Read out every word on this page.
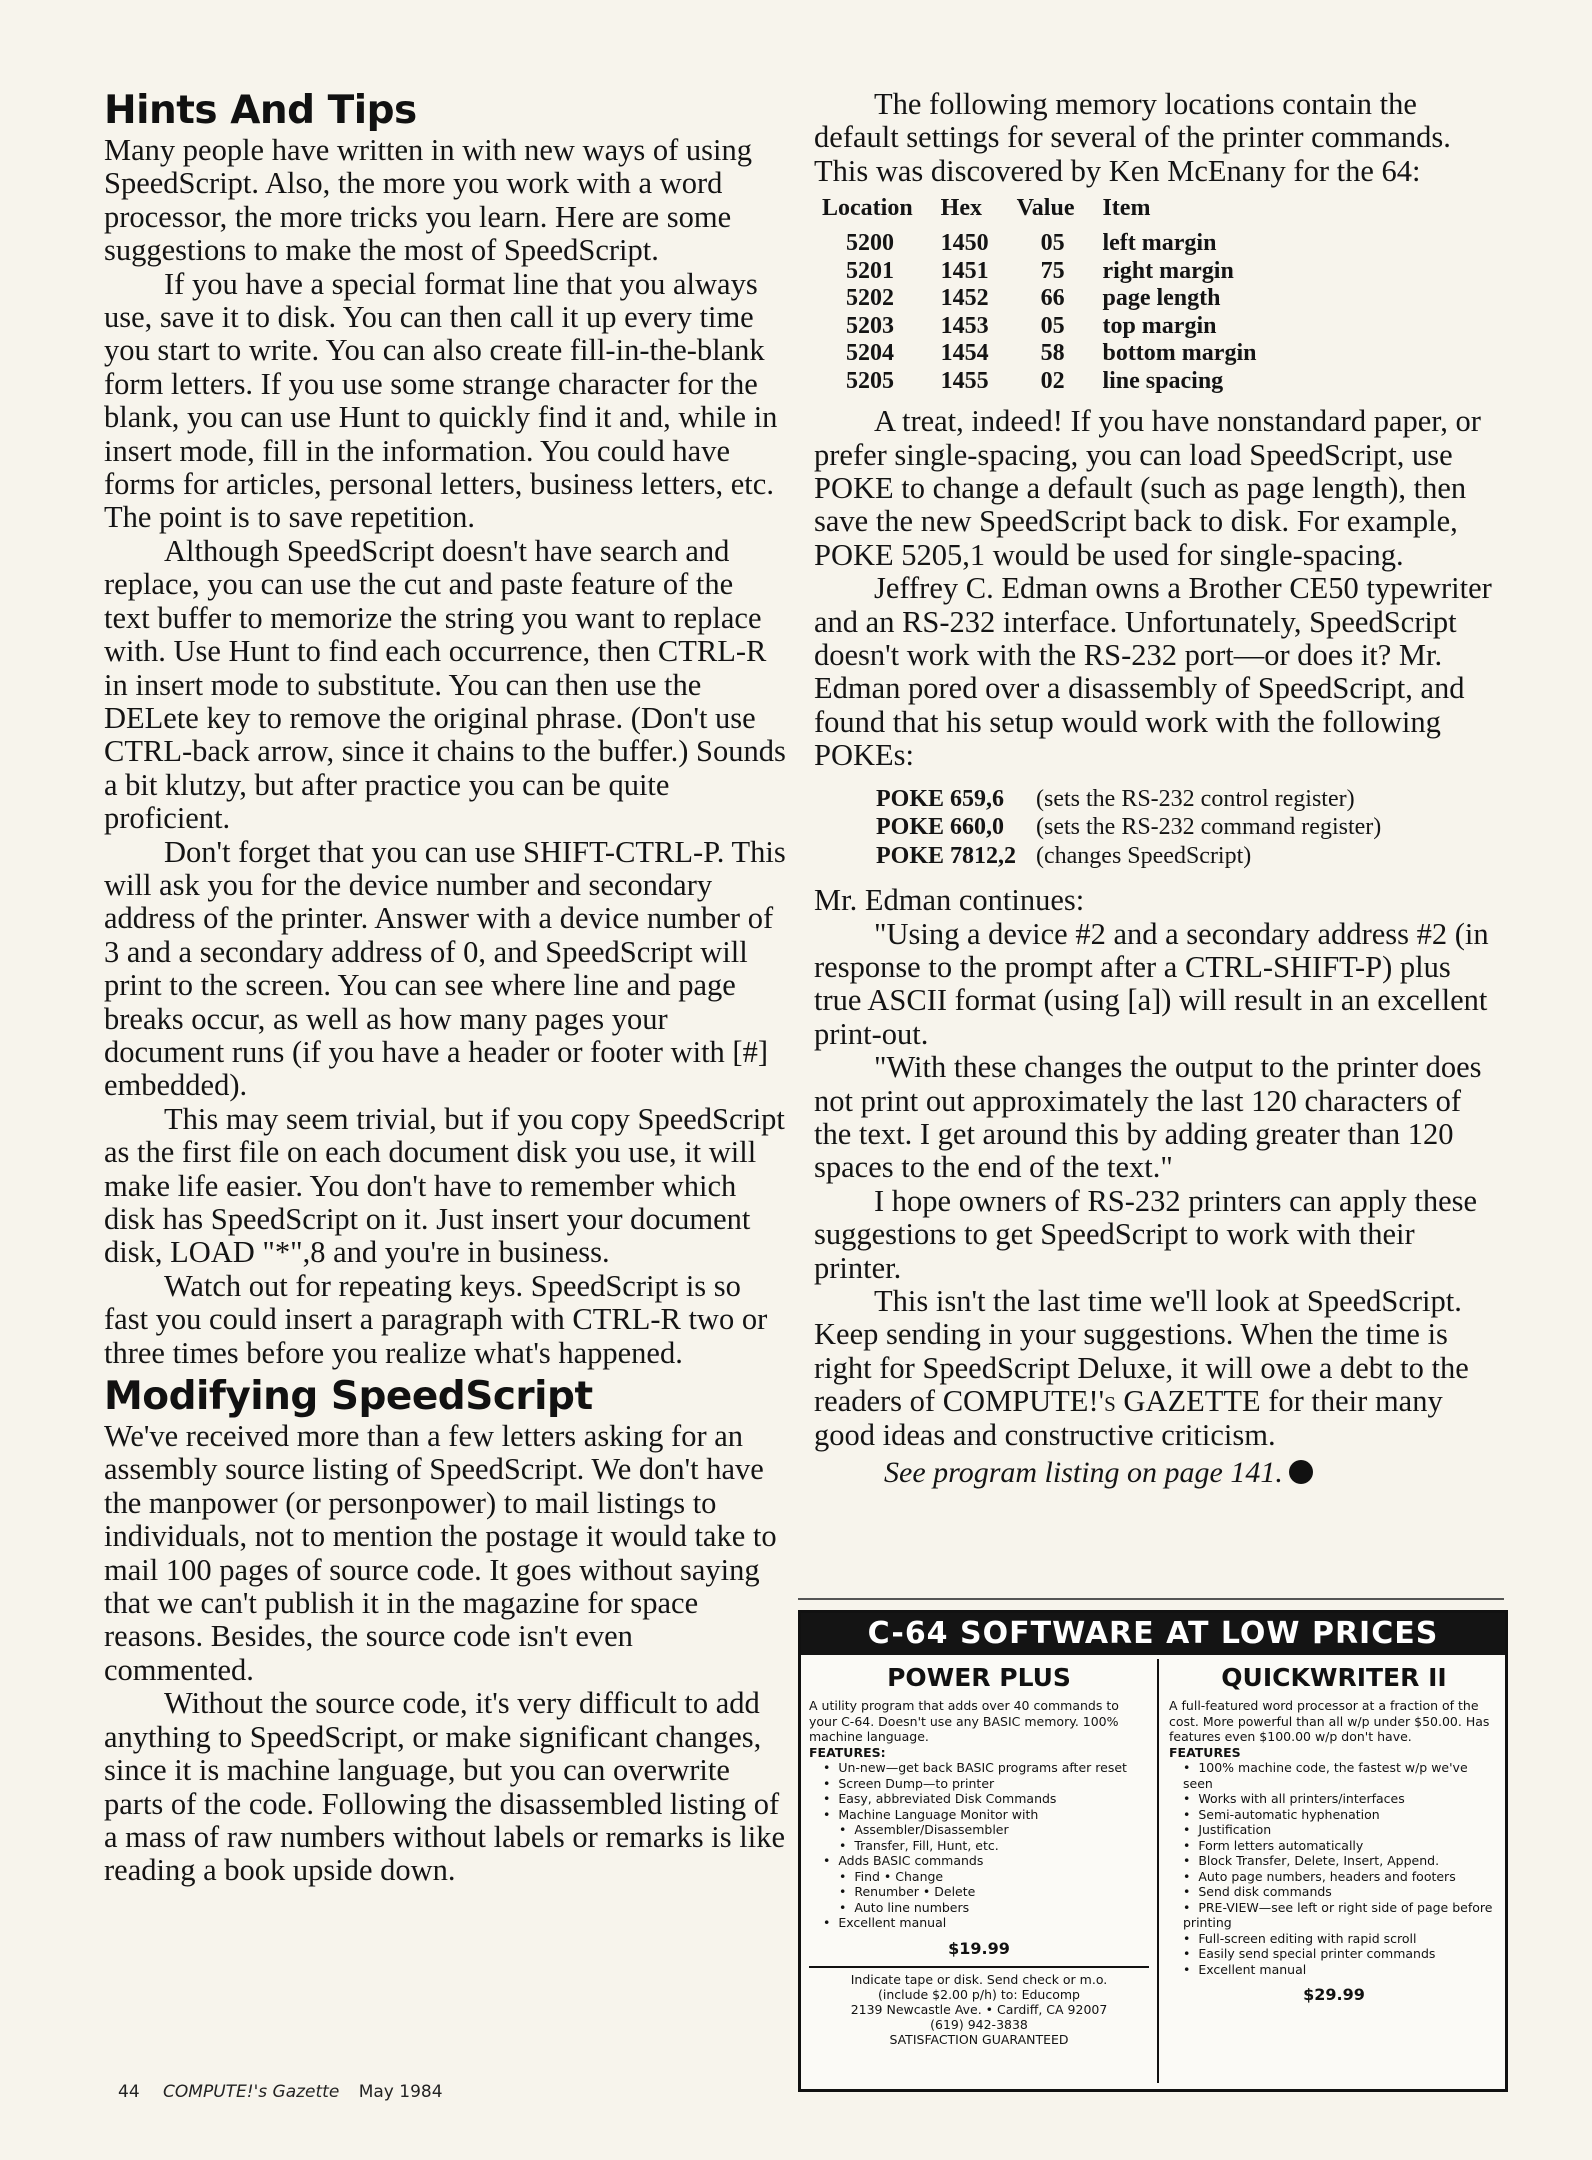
Hints And Tips

Many people have written in with new ways of using SpeedScript. Also, the more you work with a word processor, the more tricks you learn. Here are some suggestions to make the most of SpeedScript.

If you have a special format line that you always use, save it to disk. You can then call it up every time you start to write. You can also create fill-in-the-blank form letters. If you use some strange character for the blank, you can use Hunt to quickly find it and, while in insert mode, fill in the information. You could have forms for articles, personal letters, business letters, etc. The point is to save repetition.

Although SpeedScript doesn't have search and replace, you can use the cut and paste feature of the text buffer to memorize the string you want to replace with. Use Hunt to find each occurrence, then CTRL-R in insert mode to substitute. You can then use the DELete key to remove the original phrase. (Don't use CTRL-back arrow, since it chains to the buffer.) Sounds a bit klutzy, but after practice you can be quite proficient.

Don't forget that you can use SHIFT-CTRL-P. This will ask you for the device number and secondary address of the printer. Answer with a device number of 3 and a secondary address of 0, and SpeedScript will print to the screen. You can see where line and page breaks occur, as well as how many pages your document runs (if you have a header or footer with [#] embedded).

This may seem trivial, but if you copy SpeedScript as the first file on each document disk you use, it will make life easier. You don't have to remember which disk has SpeedScript on it. Just insert your document disk, LOAD "*",8 and you're in business.

Watch out for repeating keys. SpeedScript is so fast you could insert a paragraph with CTRL-R two or three times before you realize what's happened.

Modifying SpeedScript

We've received more than a few letters asking for an assembly source listing of SpeedScript. We don't have the manpower (or personpower) to mail listings to individuals, not to mention the postage it would take to mail 100 pages of source code. It goes without saying that we can't publish it in the magazine for space reasons. Besides, the source code isn't even commented.

Without the source code, it's very difficult to add anything to SpeedScript, or make significant changes, since it is machine language, but you can overwrite parts of the code. Following the disassembled listing of a mass of raw numbers without labels or remarks is like reading a book upside down.

The following memory locations contain the default settings for several of the printer commands. This was discovered by Ken McEnany for the 64:

Location	Hex	Value	Item
5200	1450	05	left margin
5201	1451	75	right margin
5202	1452	66	page length
5203	1453	05	top margin
5204	1454	58	bottom margin
5205	1455	02	line spacing

A treat, indeed! If you have nonstandard paper, or prefer single-spacing, you can load SpeedScript, use POKE to change a default (such as page length), then save the new SpeedScript back to disk. For example, POKE 5205,1 would be used for single-spacing.

Jeffrey C. Edman owns a Brother CE50 typewriter and an RS-232 interface. Unfortunately, SpeedScript doesn't work with the RS-232 port—or does it? Mr. Edman pored over a disassembly of SpeedScript, and found that his setup would work with the following POKEs:

POKE 659,6 (sets the RS-232 control register)
POKE 660,0 (sets the RS-232 command register)
POKE 7812,2 (changes SpeedScript)

Mr. Edman continues:

"Using a device #2 and a secondary address #2 (in response to the prompt after a CTRL-SHIFT-P) plus true ASCII format (using [a]) will result in an excellent print-out.

"With these changes the output to the printer does not print out approximately the last 120 characters of the text. I get around this by adding greater than 120 spaces to the end of the text."

I hope owners of RS-232 printers can apply these suggestions to get SpeedScript to work with their printer.

This isn't the last time we'll look at SpeedScript. Keep sending in your suggestions. When the time is right for SpeedScript Deluxe, it will owe a debt to the readers of COMPUTE!'s GAZETTE for their many good ideas and constructive criticism.

See program listing on page 141.

C-64 SOFTWARE AT LOW PRICES
POWER PLUS
A utility program that adds over 40 commands to your C-64. Doesn't use any BASIC memory. 100% machine language.
FEATURES:
•  Un-new—get back BASIC programs after reset
•  Screen Dump—to printer
•  Easy, abbreviated Disk Commands
•  Machine Language Monitor with
•  Assembler/Disassembler
•  Transfer, Fill, Hunt, etc.
•  Adds BASIC commands
•  Find • Change
•  Renumber • Delete
•  Auto line numbers
•  Excellent manual
$19.99
Indicate tape or disk. Send check or m.o.
(include $2.00 p/h) to: Educomp
2139 Newcastle Ave. • Cardiff, CA 92007
(619) 942-3838
SATISFACTION GUARANTEED
QUICKWRITER II
A full-featured word processor at a fraction of the cost. More powerful than all w/p under $50.00. Has features even $100.00 w/p don't have.
FEATURES
•  100% machine code, the fastest w/p we've seen
•  Works with all printers/interfaces
•  Semi-automatic hyphenation
•  Justification
•  Form letters automatically
•  Block Transfer, Delete, Insert, Append.
•  Auto page numbers, headers and footers
•  Send disk commands
•  PRE-VIEW—see left or right side of page before printing
•  Full-screen editing with rapid scroll
•  Easily send special printer commands
•  Excellent manual
$29.99
44 COMPUTE!'s Gazette May 1984
